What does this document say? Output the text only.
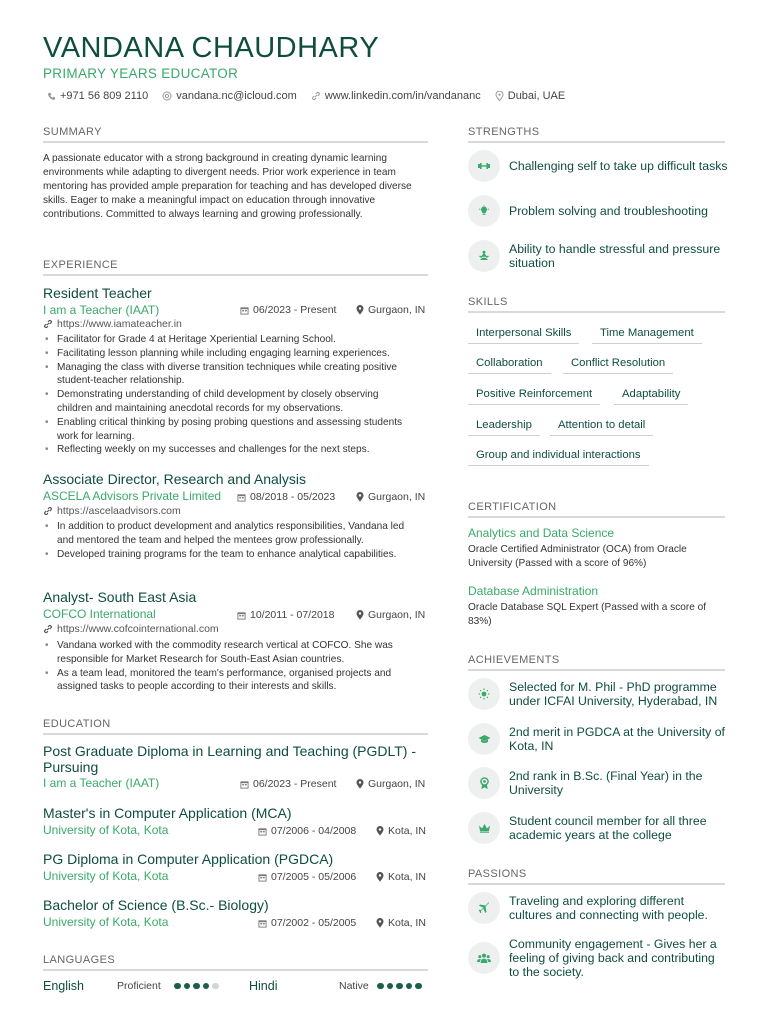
VANDANA CHAUDHARY
PRIMARY YEARS EDUCATOR
+971 56 809 2110	vandana.nc@icloud.com	www.linkedin.com/in/vandananc Dubai, UAE
SUMMARY
A passionate educator with a strong background in creating dynamic learning environments while adapting to divergent needs. Prior work experience in team mentoring has provided ample preparation for teaching and has developed diverse skills. Eager to make a meaningful impact on education through innovative contributions. Committed to always learning and growing professionally.
EXPERIENCE
Resident Teacher
I am a Teacher (IAAT)	06/2023 - Present	Gurgaon, IN
https://www.iamateacher.in
• Facilitator for Grade 4 at Heritage Xperiential Learning School.
• Facilitating lesson planning while including engaging learning experiences.
• Managing the class with diverse transition techniques while creating positive student-teacher relationship.
• Demonstrating understanding of child development by closely observing children and maintaining anecdotal records for my observations.
• Enabling critical thinking by posing probing questions and assessing students work for learning.
• Reflecting weekly on my successes and challenges for the next steps.
Associate Director, Research and Analysis
ASCELA Advisors Private Limited	08/2018 - 05/2023	Gurgaon, IN
https://ascelaadvisors.com
• In addition to product development and analytics responsibilities, Vandana led and mentored the team and helped the mentees grow professionally.
• Developed training programs for the team to enhance analytical capabilities.
Analyst- South East Asia
COFCO International	10/2011 - 07/2018	Gurgaon, IN
https://www.cofcointernational.com
• Vandana worked with the commodity research vertical at COFCO. She was responsible for Market Research for South-East Asian countries.
• As a team lead, monitored the team's performance, organised projects and assigned tasks to people according to their interests and skills.
EDUCATION
Post Graduate Diploma in Learning and Teaching (PGDLT) - Pursuing
I am a Teacher (IAAT)	06/2023 - Present	Gurgaon, IN
Master's in Computer Application (MCA)
University of Kota, Kota	07/2006 - 04/2008	Kota, IN
PG Diploma in Computer Application (PGDCA)
University of Kota, Kota	07/2005 - 05/2006	Kota, IN
Bachelor of Science (B.Sc.- Biology)
University of Kota, Kota	07/2002 - 05/2005	Kota, IN
LANGUAGES
English	Proficient	Hindi	Native
STRENGTHS
Challenging self to take up difficult tasks
Problem solving and troubleshooting
Ability to handle stressful and pressure situation
SKILLS
Interpersonal Skills	Time Management
Collaboration	Conflict Resolution
Positive Reinforcement	Adaptability
Leadership	Attention to detail
Group and individual interactions
CERTIFICATION
Analytics and Data Science
Oracle Certified Administrator (OCA) from Oracle University (Passed with a score of 96%)
Database Administration
Oracle Database SQL Expert (Passed with a score of 83%)
ACHIEVEMENTS
Selected for M. Phil - PhD programme under ICFAI University, Hyderabad, IN
2nd merit in PGDCA at the University of Kota, IN
2nd rank in B.Sc. (Final Year) in the University
Student council member for all three academic years at the college
PASSIONS
Traveling and exploring different cultures and connecting with people.
Community engagement - Gives her a feeling of giving back and contributing to the society.
